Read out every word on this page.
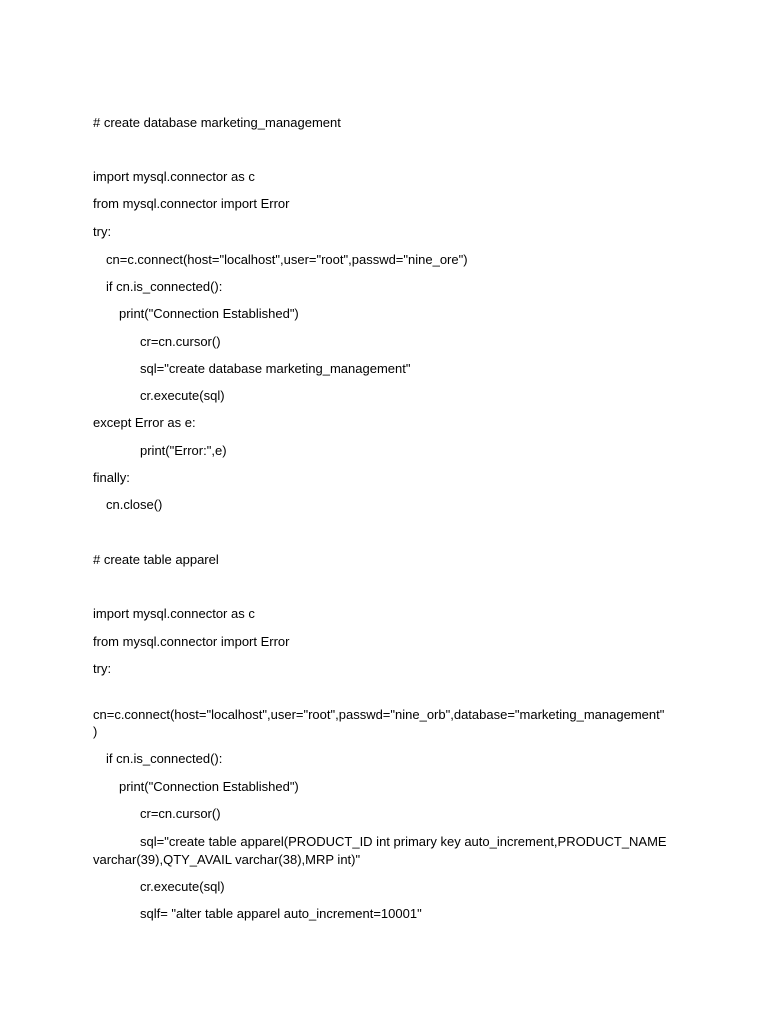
# create database marketing_management
import mysql.connector as c
from mysql.connector import Error
try:
cn=c.connect(host="localhost",user="root",passwd="nine_ore")
if cn.is_connected():
print("Connection Established")
cr=cn.cursor()
sql="create database marketing_management"
cr.execute(sql)
except Error as e:
print("Error:",e)
finally:
cn.close()
# create table apparel
import mysql.connector as c
from mysql.connector import Error
try:
cn=c.connect(host="localhost",user="root",passwd="nine_orb",database="marketing_management"
)
if cn.is_connected():
print("Connection Established")
cr=cn.cursor()
sql="create table apparel(PRODUCT_ID int primary key auto_increment,PRODUCT_NAME
varchar(39),QTY_AVAIL varchar(38),MRP int)"
cr.execute(sql)
sqlf= "alter table apparel auto_increment=10001"
